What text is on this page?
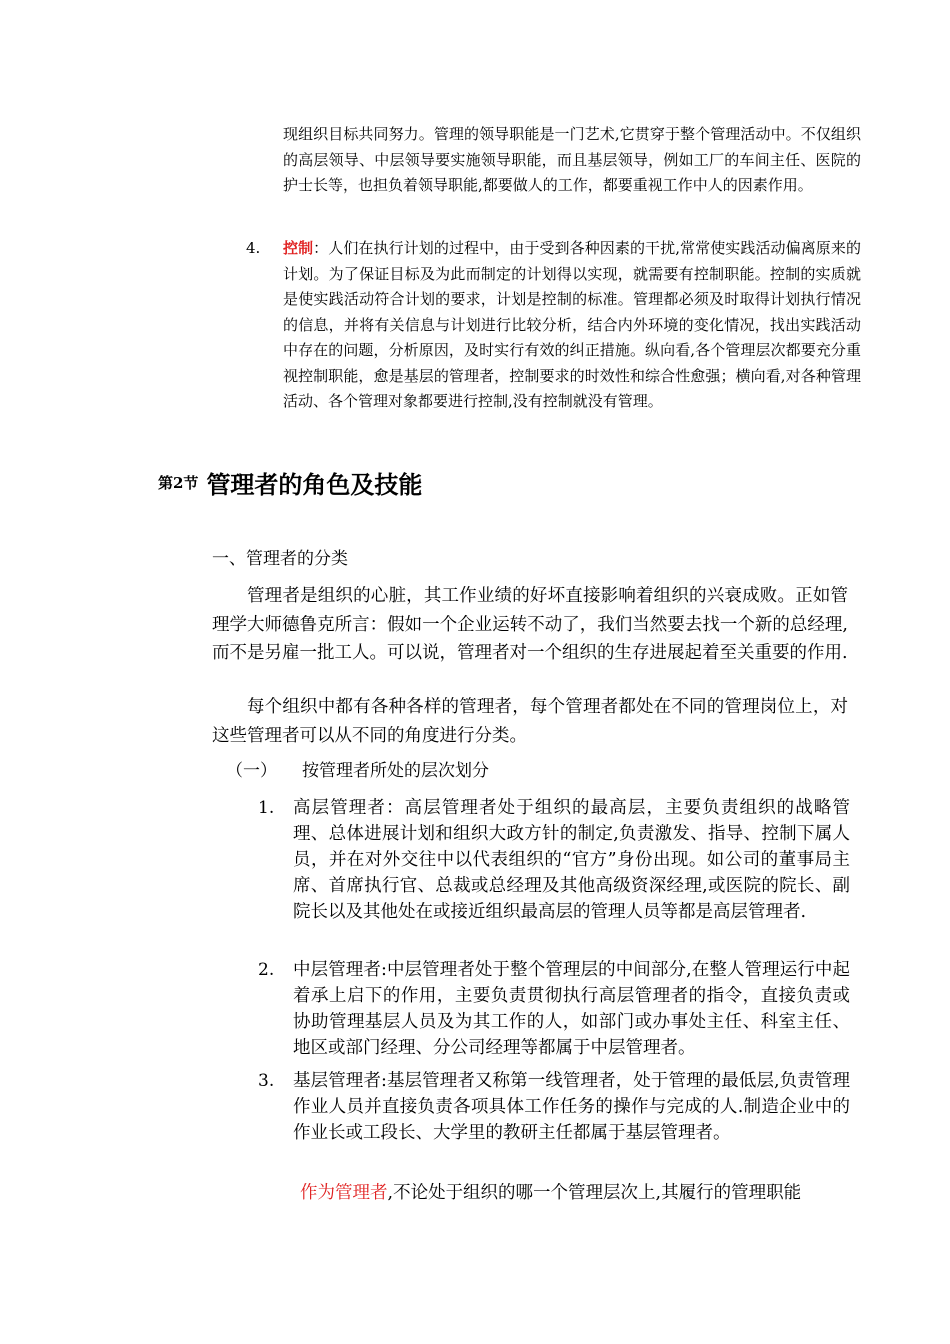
现组织目标共同努力。管理的领导职能是一门艺术,它贯穿于整个管理活动中。不仅组织的高层领导、中层领导要实施领导职能，而且基层领导，例如工厂的车间主任、医院的护士长等，也担负着领导职能,都要做人的工作，都要重视工作中人的因素作用。
4. 控制：人们在执行计划的过程中，由于受到各种因素的干扰,常常使实践活动偏离原来的计划。为了保证目标及为此而制定的计划得以实现，就需要有控制职能。控制的实质就是使实践活动符合计划的要求，计划是控制的标准。管理都必须及时取得计划执行情况的信息，并将有关信息与计划进行比较分析，结合内外环境的变化情况，找出实践活动中存在的问题，分析原因，及时实行有效的纠正措施。纵向看,各个管理层次都要充分重视控制职能，愈是基层的管理者，控制要求的时效性和综合性愈强；横向看,对各种管理活动、各个管理对象都要进行控制,没有控制就没有管理。
第2节 管理者的角色及技能
一、管理者的分类
管理者是组织的心脏，其工作业绩的好坏直接影响着组织的兴衰成败。正如管理学大师德鲁克所言：假如一个企业运转不动了，我们当然要去找一个新的总经理,而不是另雇一批工人。可以说，管理者对一个组织的生存进展起着至关重要的作用.
每个组织中都有各种各样的管理者，每个管理者都处在不同的管理岗位上，对这些管理者可以从不同的角度进行分类。
（一） 按管理者所处的层次划分
1. 高层管理者：高层管理者处于组织的最高层，主要负责组织的战略管理、总体进展计划和组织大政方针的制定,负责激发、指导、控制下属人员，并在对外交往中以代表组织的“官方”身份出现。如公司的董事局主席、首席执行官、总裁或总经理及其他高级资深经理,或医院的院长、副院长以及其他处在或接近组织最高层的管理人员等都是高层管理者.
2. 中层管理者:中层管理者处于整个管理层的中间部分,在整人管理运行中起着承上启下的作用，主要负责贯彻执行高层管理者的指令，直接负责或协助管理基层人员及为其工作的人，如部门或办事处主任、科室主任、地区或部门经理、分公司经理等都属于中层管理者。
3. 基层管理者:基层管理者又称第一线管理者，处于管理的最低层,负责管理作业人员并直接负责各项具体工作任务的操作与完成的人.制造企业中的作业长或工段长、大学里的教研主任都属于基层管理者。
作为管理者,不论处于组织的哪一个管理层次上,其履行的管理职能
